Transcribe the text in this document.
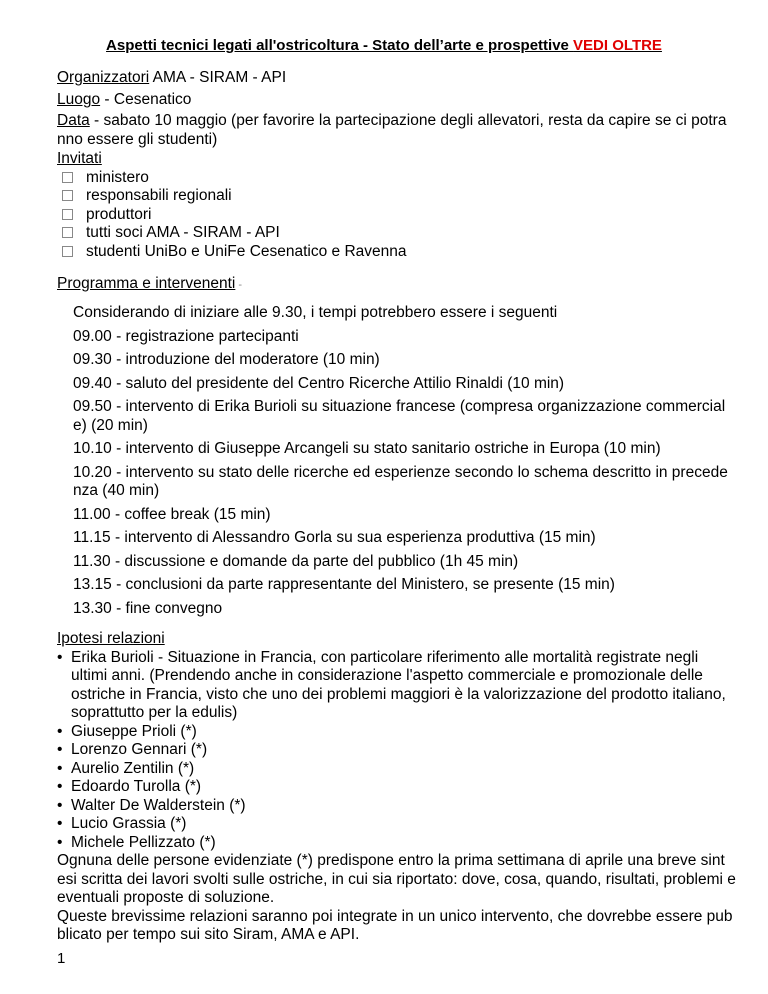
Aspetti tecnici legati all'ostricoltura - Stato dell’arte e prospettive VEDI OLTRE
Organizzatori AMA - SIRAM - API
Luogo - Cesenatico
Data - sabato 10 maggio (per favorire la partecipazione degli allevatori, resta da capire se ci potra nno essere gli studenti)
Invitati
ministero
responsabili regionali
produttori
tutti soci AMA - SIRAM - API
studenti UniBo e UniFe Cesenatico e Ravenna
Programma e intervenenti -
Considerando di iniziare alle 9.30, i tempi potrebbero essere i seguenti
09.00 - registrazione partecipanti
09.30 - introduzione del moderatore (10 min)
09.40 - saluto del presidente del Centro Ricerche Attilio Rinaldi (10 min)
09.50 - intervento di Erika Burioli su situazione francese (compresa organizzazione commercial e) (20 min)
10.10 - intervento di Giuseppe Arcangeli su stato sanitario ostriche in Europa (10 min)
10.20 - intervento su stato delle ricerche ed esperienze secondo lo schema descritto in precede nza (40 min)
11.00 - coffee break (15 min)
11.15 - intervento di Alessandro Gorla su sua esperienza produttiva (15 min)
11.30 - discussione e domande da parte del pubblico (1h 45 min)
13.15 - conclusioni da parte rappresentante del Ministero, se presente (15 min)
13.30 - fine convegno
Ipotesi relazioni
• Erika Burioli - Situazione in Francia, con particolare riferimento alle mortalità registrate negli ultimi anni. (Prendendo anche in considerazione l'aspetto commerciale e promozionale delle ostriche in Francia, visto che uno dei problemi maggiori è la valorizzazione del prodotto italiano, soprattutto per la edulis)
• Giuseppe Prioli (*)
• Lorenzo Gennari (*)
• Aurelio Zentilin (*)
• Edoardo Turolla (*)
• Walter De Walderstein (*)
• Lucio Grassia (*)
• Michele Pellizzato (*)
Ognuna delle persone evidenziate (*) predispone entro la prima settimana di aprile una breve sint esi scritta dei lavori svolti sulle ostriche, in cui sia riportato: dove, cosa, quando, risultati, problemi e eventuali proposte di soluzione.
Queste brevissime relazioni saranno poi integrate in un unico intervento, che dovrebbe essere pub blicato per tempo sui sito Siram, AMA e API.
1
